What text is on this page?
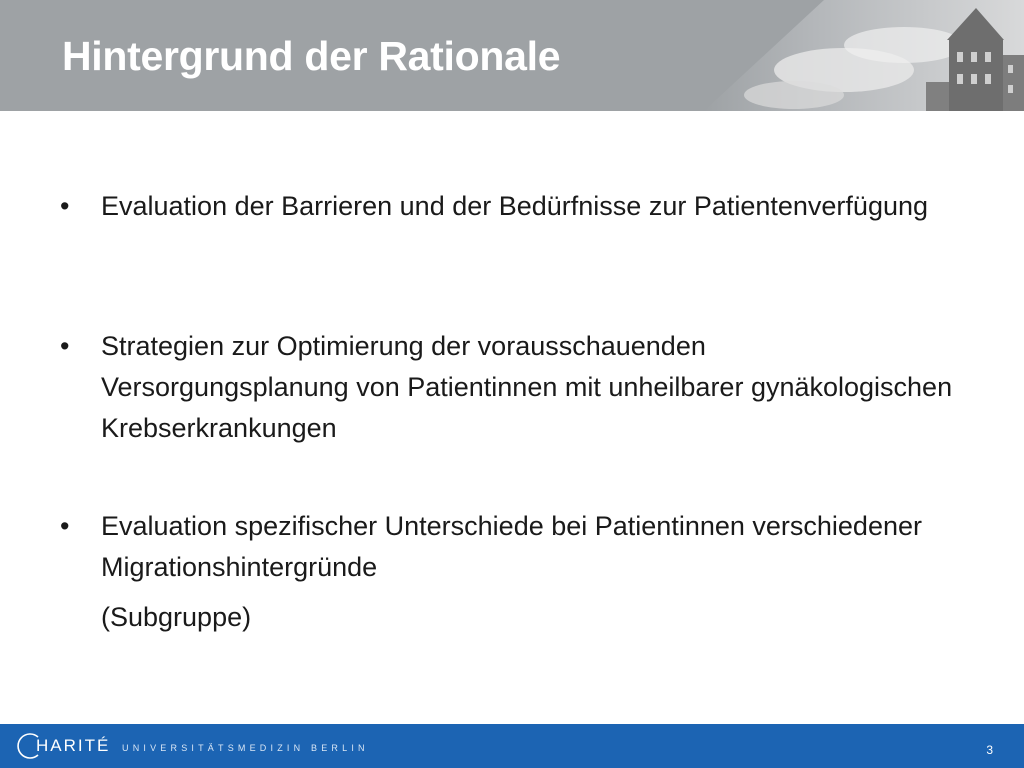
Hintergrund der Rationale
• Evaluation der Barrieren und der Bedürfnisse zur Patientenverfügung
• Strategien zur Optimierung der vorausschauenden Versorgungsplanung von Patientinnen mit unheilbarer gynäkologischen Krebserkrankungen
• Evaluation spezifischer Unterschiede bei Patientinnen verschiedener Migrationshintergründe
(Subgruppe)
HARITÉ UNIVERSITÄTSMEDIZIN BERLIN	3
